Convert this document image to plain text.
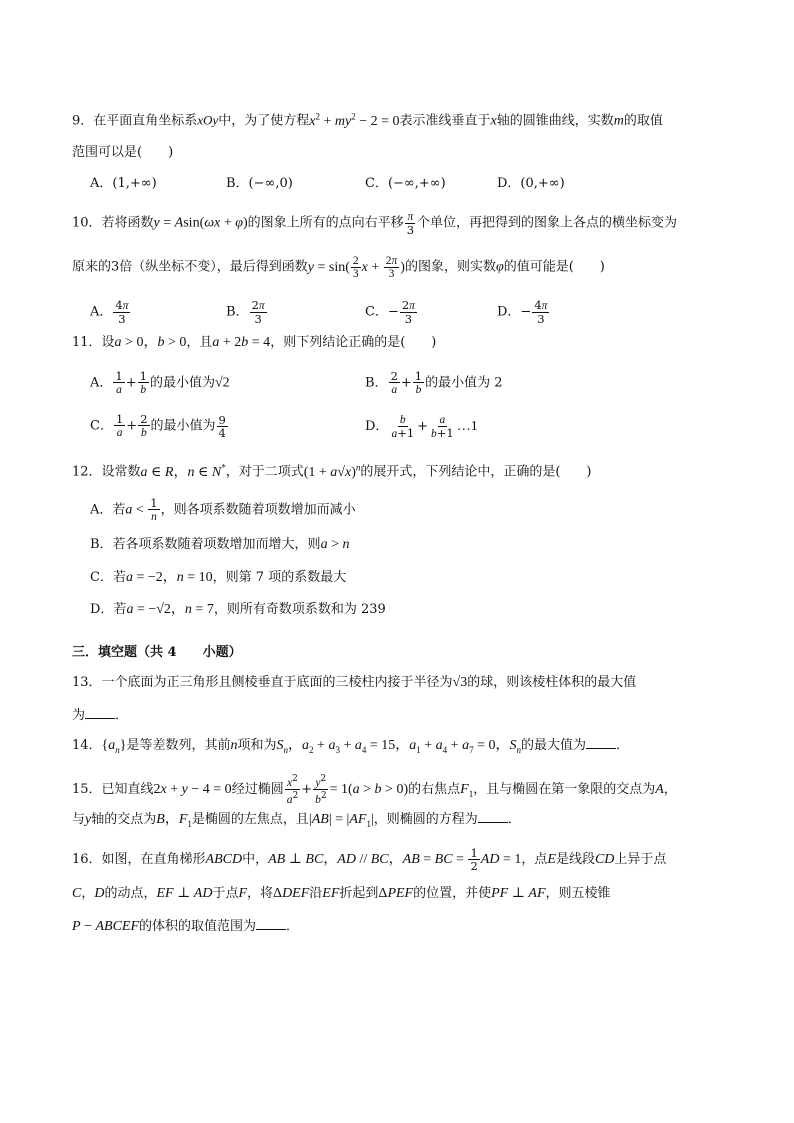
9．在平面直角坐标系xOy中，为了使方程$x^2 + my^2 - 2 = 0$表示准线垂直于x轴的圆锥曲线，实数m的取值
范围可以是(　　)
A．(1,+∞)	B．(−∞,0)	C．(−∞,+∞)	D．(0,+∞)
10．若将函数y = Asin(ωx + φ)的图象上所有的点向右平移 $\frac{\pi}{3}$ 个单位，再把得到的图象上各点的横坐标变为
原来的3倍（纵坐标不变），最后得到函数$y = \sin( \frac{2}{3}$ $x + \frac{2\pi}{3}$ )的图象，则实数φ的值可能是(　　)
A． $\frac{4\pi}{3}$	B． $\frac{2\pi}{3}$	C．− $\frac{2\pi}{3}$	D．− $\frac{4\pi}{3}$
11．设a > 0，b > 0，且a + 2b = 4，则下列结论正确的是(　　)
A． $\frac{1}{a} + \frac{1}{b}$ 的最小值为√2	B． $\frac{2}{a} + \frac{1}{b}$ 的最小值为 2
C． $\frac{1}{a} + \frac{2}{b}$ 的最小值为 $\frac{9}{4}$	D． $\frac{b}{a+1} + \frac{a}{b+1}$ …1
12．设常数a ∈ R，n ∈ N*，对于二项式$(1 + a√x)^n$的展开式，下列结论中，正确的是(　　)
A．若$a < \frac{1}{n}$ ，则各项系数随着项数增加而减小
B．若各项系数随着项数增加而增大，则a > n
C．若a = −2，n = 10，则第 7 项的系数最大
D．若a = −√2，n = 7，则所有奇数项系数和为 239
三．填空题（共 4　　小题）
13．一个底面为正三角形且侧棱垂直于底面的三棱柱内接于半径为√3的球，则该棱柱体积的最大值
为 ．
14．$\{a_n\}$是等差数列，其前n项和为$S_n$，$a_2 + a_3 + a_4 = 15$，$a_1 + a_4 + a_7 = 0$，$S_n$的最大值为 ．
15．已知直线2x + y − 4 = 0经过椭圆 $\frac{x^2}{a^2} + \frac{y^2}{b^2} = 1(a > b > 0)$的右焦点$F_1$，且与椭圆在第一象限的交点为A，
与y轴的交点为B，$F_1$是椭圆的左焦点，且$|AB| = |AF_1|$，则椭圆的方程为 ．
16．如图，在直角梯形ABCD中，AB ⊥ BC，AD // BC，AB = BC = $\frac{1}{2}$ AD = 1，点E是线段CD上异于点
C，D的动点，EF ⊥ AD于点F，将ΔDEF沿EF折起到ΔPEF的位置，并使PF ⊥ AF，则五棱锥
P − ABCEF的体积的取值范围为 ．
